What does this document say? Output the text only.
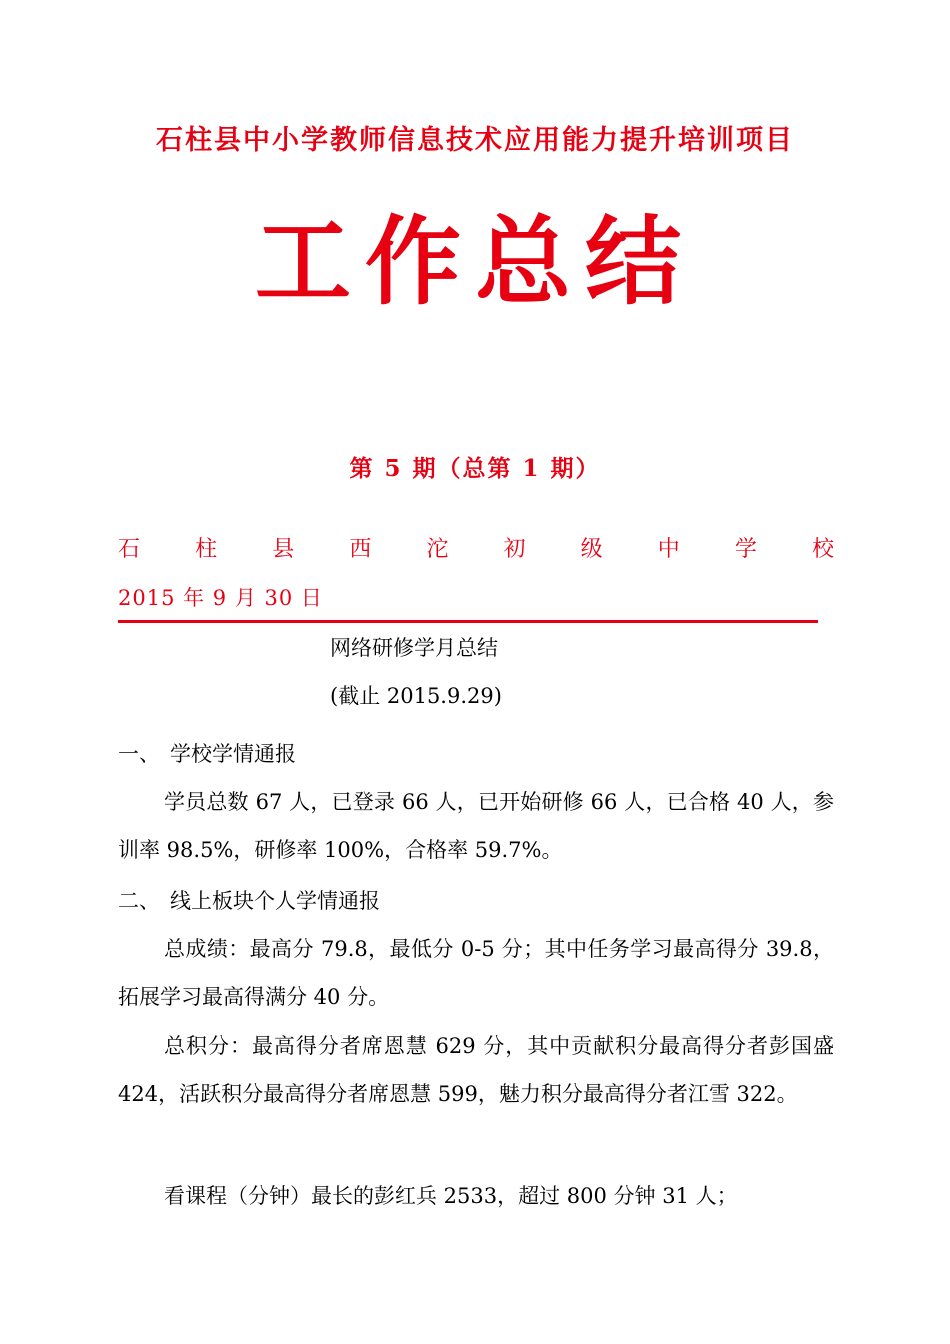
石柱县中小学教师信息技术应用能力提升培训项目
工作总结
第 5 期（总第 1 期）
石	柱	县	西	沱	初	级	中	学	校
2015 年 9 月 30 日
网络研修学月总结
(截止 2015.9.29)
一、 学校学情通报
学员总数 67 人，已登录 66 人，已开始研修 66 人，已合格 40 人，参训率 98.5%，研修率 100%，合格率 59.7%。
二、 线上板块个人学情通报
总成绩：最高分 79.8，最低分 0-5 分；其中任务学习最高得分 39.8，拓展学习最高得满分 40 分。
总积分：最高得分者席恩慧 629 分，其中贡献积分最高得分者彭国盛 424，活跃积分最高得分者席恩慧 599，魅力积分最高得分者江雪 322。
看课程（分钟）最长的彭红兵 2533，超过 800 分钟 31 人；
